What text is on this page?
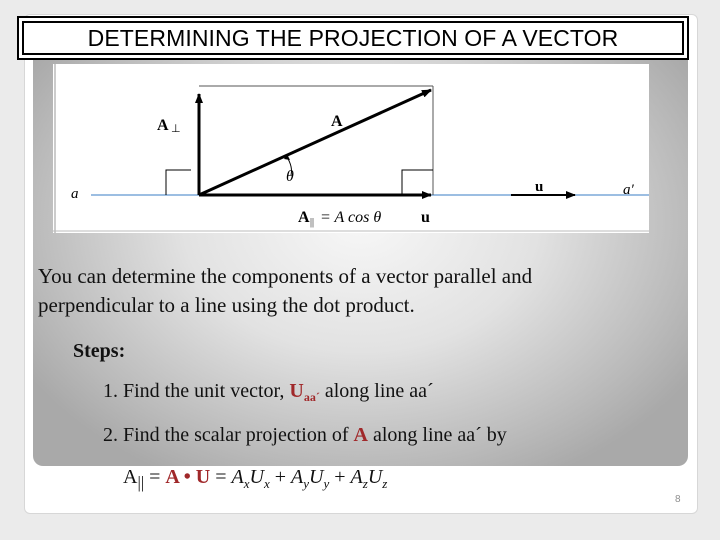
DETERMINING THE PROJECTION OF A VECTOR
A ⊥	A
θ
a	a′
u
A || = A cos θ u
You can determine the components of a vector parallel and
perpendicular to a line using the dot product.
Steps:
1. Find the unit vector, $U_{aa´}$ along line aa´
2. Find the scalar projection of A along line aa´ by
$A_{||} = A$ • $U = A_xU_x + A_yU_y + A_zU_z$
8
